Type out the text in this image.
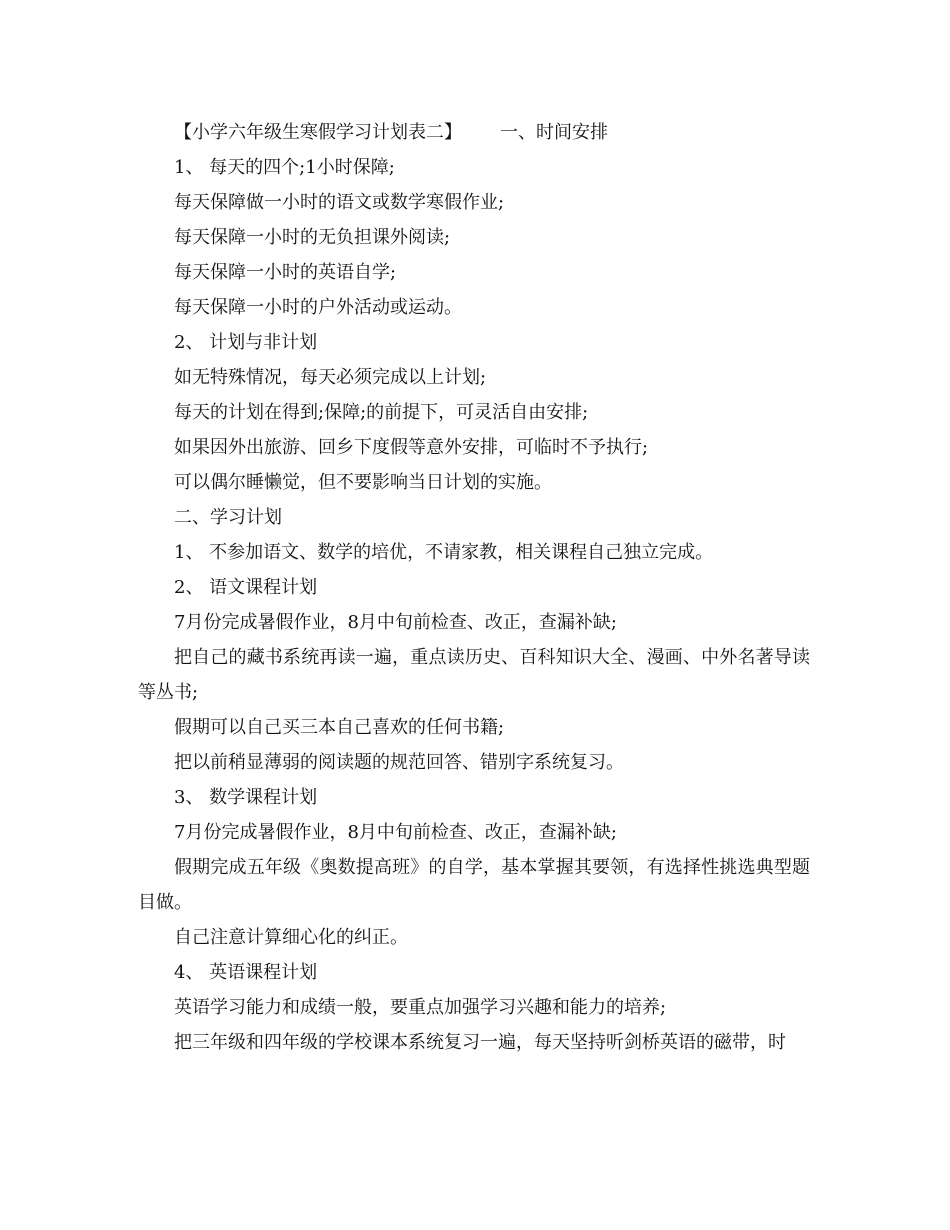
【小学六年级生寒假学习计划表二】 一、时间安排

1、 每天的四个;1小时保障;

每天保障做一小时的语文或数学寒假作业;

每天保障一小时的无负担课外阅读;

每天保障一小时的英语自学;

每天保障一小时的户外活动或运动。

2、 计划与非计划

如无特殊情况，每天必须完成以上计划;

每天的计划在得到;保障;的前提下，可灵活自由安排;

如果因外出旅游、回乡下度假等意外安排，可临时不予执行;

可以偶尔睡懒觉，但不要影响当日计划的实施。

二、学习计划

1、 不参加语文、数学的培优，不请家教，相关课程自己独立完成。

2、 语文课程计划

7月份完成暑假作业，8月中旬前检查、改正，查漏补缺;

把自己的藏书系统再读一遍，重点读历史、百科知识大全、漫画、中外名著导读等丛书;

假期可以自己买三本自己喜欢的任何书籍;

把以前稍显薄弱的阅读题的规范回答、错别字系统复习。

3、 数学课程计划

7月份完成暑假作业，8月中旬前检查、改正，查漏补缺;

假期完成五年级《奥数提高班》的自学，基本掌握其要领，有选择性挑选典型题目做。

自己注意计算细心化的纠正。

4、 英语课程计划

英语学习能力和成绩一般，要重点加强学习兴趣和能力的培养;

把三年级和四年级的学校课本系统复习一遍，每天坚持听剑桥英语的磁带，时
